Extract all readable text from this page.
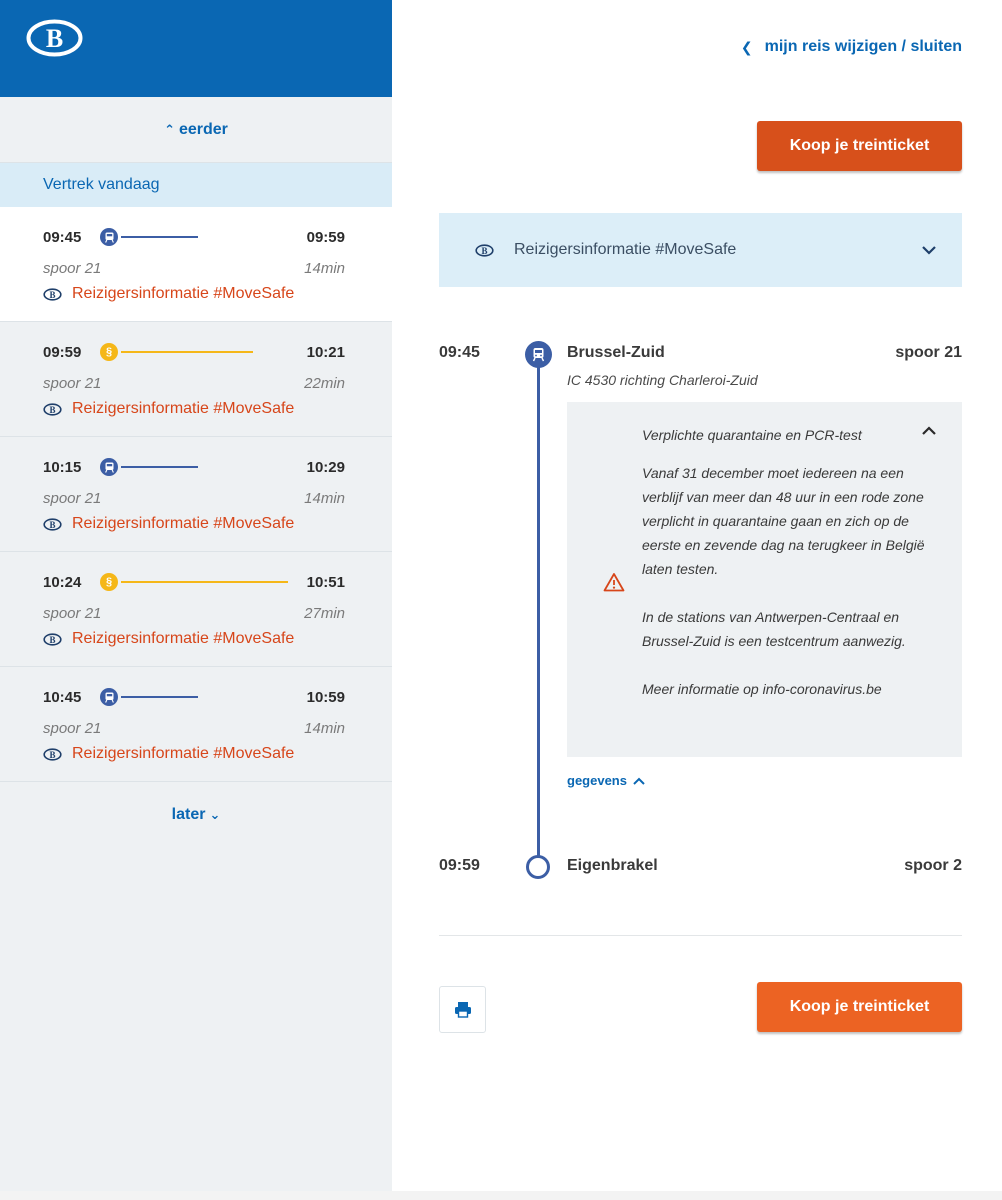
B
⌃ eerder
Vertrek vandaag
09:45	09:59
spoor 21	14min
B Reizigersinformatie #MoveSafe
09:59	§	10:21
spoor 21	22min
B Reizigersinformatie #MoveSafe
10:15	10:29
spoor 21	14min
B Reizigersinformatie #MoveSafe
10:24	§	10:51
spoor 21	27min
B Reizigersinformatie #MoveSafe
10:45	10:59
spoor 21	14min
B Reizigersinformatie #MoveSafe
later ⌄
❮ mijn reis wijzigen / sluiten
Koop je treinticket
B Reizigersinformatie #MoveSafe
09:45	Brussel-Zuid	spoor 21
IC 4530 richting Charleroi-Zuid
Verplichte quarantaine en PCR-test

Vanaf 31 december moet iedereen na een verblijf van meer dan 48 uur in een rode zone verplicht in quarantaine gaan en zich op de eerste en zevende dag na terugkeer in België laten testen.

In de stations van Antwerpen-Centraal en Brussel-Zuid is een testcentrum aanwezig.

Meer informatie op info-coronavirus.be

gegevens
09:59	Eigenbrakel	spoor 2
Koop je treinticket
